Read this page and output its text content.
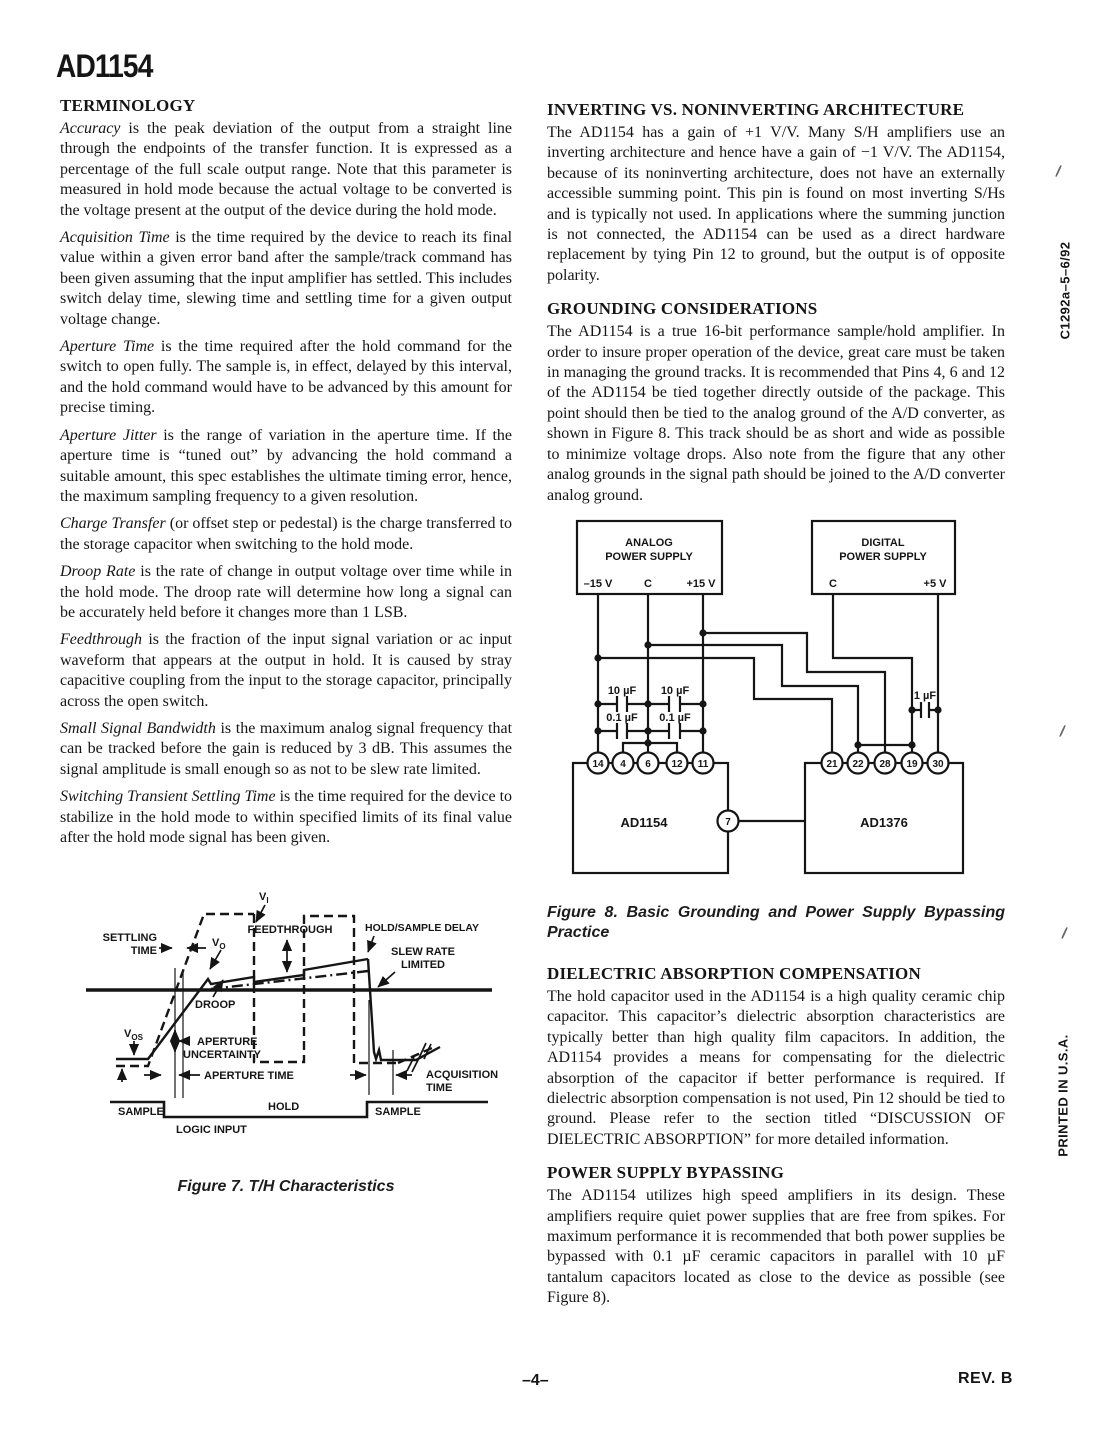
AD1154
TERMINOLOGY

Accuracy is the peak deviation of the output from a straight line through the endpoints of the transfer function. It is expressed as a percentage of the full scale output range. Note that this parameter is measured in hold mode because the actual voltage to be converted is the voltage present at the output of the device during the hold mode.

Acquisition Time is the time required by the device to reach its final value within a given error band after the sample/track command has been given assuming that the input amplifier has settled. This includes switch delay time, slewing time and settling time for a given output voltage change.

Aperture Time is the time required after the hold command for the switch to open fully. The sample is, in effect, delayed by this interval, and the hold command would have to be advanced by this amount for precise timing.

Aperture Jitter is the range of variation in the aperture time. If the aperture time is “tuned out” by advancing the hold command a suitable amount, this spec establishes the ultimate timing error, hence, the maximum sampling frequency to a given resolution.

Charge Transfer (or offset step or pedestal) is the charge transferred to the storage capacitor when switching to the hold mode.

Droop Rate is the rate of change in output voltage over time while in the hold mode. The droop rate will determine how long a signal can be accurately held before it changes more than 1 LSB.

Feedthrough is the fraction of the input signal variation or ac input waveform that appears at the output in hold. It is caused by stray capacitive coupling from the input to the storage capacitor, principally across the open switch.

Small Signal Bandwidth is the maximum analog signal frequency that can be tracked before the gain is reduced by 3 dB. This assumes the signal amplitude is small enough so as not to be slew rate limited.

Switching Transient Settling Time is the time required for the device to stabilize in the hold mode to within specified limits of its final value after the hold mode signal has been given.

SETTLING
TIME
$V_I$
$V_O$
FEEDTHROUGH	HOLD/SAMPLE DELAY
SLEW RATE
LIMITED
DROOP
$V_{OS}$	APERTURE
UNCERTAINTY
APERTURE TIME	ACQUISITION
TIME
SAMPLE	HOLD	SAMPLE
LOGIC INPUT
Figure 7. T/H Characteristics
INVERTING VS. NONINVERTING ARCHITECTURE

The AD1154 has a gain of +1 V/V. Many S/H amplifiers use an inverting architecture and hence have a gain of −1 V/V. The AD1154, because of its noninverting architecture, does not have an externally accessible summing point. This pin is found on most inverting S/Hs and is typically not used. In applications where the summing junction is not connected, the AD1154 can be used as a direct hardware replacement by tying Pin 12 to ground, but the output is of opposite polarity.

GROUNDING CONSIDERATIONS

The AD1154 is a true 16-bit performance sample/hold amplifier. In order to insure proper operation of the device, great care must be taken in managing the ground tracks. It is recommended that Pins 4, 6 and 12 of the AD1154 be tied together directly outside of the package. This point should then be tied to the analog ground of the A/D converter, as shown in Figure 8. This track should be as short and wide as possible to minimize voltage drops. Also note from the figure that any other analog grounds in the signal path should be joined to the A/D converter analog ground.

14 4 6 12 11
7
21 22 28 19 30
ANALOG
POWER SUPPLY
DIGITAL
POWER SUPPLY
–15 V	C	+15 V	C	+5 V
10 µF 10 µF
0.1 µF 0.1 µF
1 µF
AD1154	AD1376
Figure 8. Basic Grounding and Power Supply Bypassing
Practice
DIELECTRIC ABSORPTION COMPENSATION

The hold capacitor used in the AD1154 is a high quality ceramic chip capacitor. This capacitor’s dielectric absorption characteristics are typically better than high quality film capacitors. In addition, the AD1154 provides a means for compensating for the dielectric absorption of the capacitor if better performance is required. If dielectric absorption compensation is not used, Pin 12 should be tied to ground. Please refer to the section titled “DISCUSSION OF DIELECTRIC ABSORPTION” for more detailed information.

POWER SUPPLY BYPASSING

The AD1154 utilizes high speed amplifiers in its design. These amplifiers require quiet power supplies that are free from spikes. For maximum performance it is recommended that both power supplies be bypassed with 0.1 µF ceramic capacitors in parallel with 10 µF tantalum capacitors located as close to the device as possible (see Figure 8).

C1292a–5–6/92
PRINTED IN U.S.A.
–4–	REV. B
